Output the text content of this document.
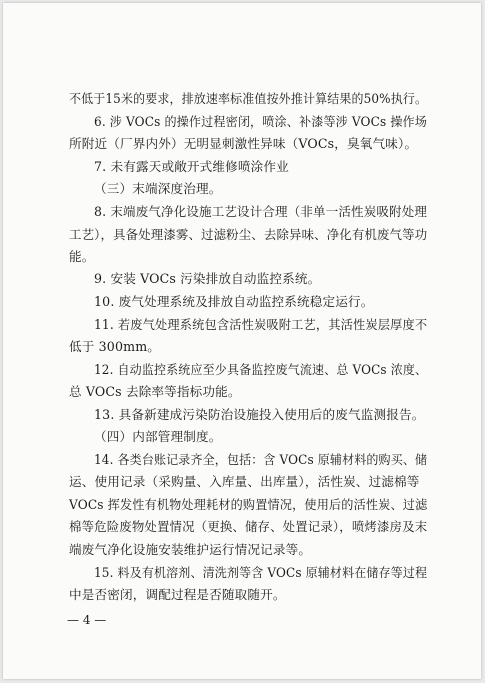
不低于15米的要求，排放速率标准值按外推计算结果的50%执行。
6. 涉 VOCs 的操作过程密闭，喷涂、补漆等涉 VOCs 操作场
所附近（厂界内外）无明显刺激性异味（VOCs，臭氧气味）。
7. 未有露天或敞开式维修喷涂作业
（三）末端深度治理。
8. 末端废气净化设施工艺设计合理（非单一活性炭吸附处理
工艺），具备处理漆雾、过滤粉尘、去除异味、净化有机废气等功
能。
9. 安装 VOCs 污染排放自动监控系统。
10. 废气处理系统及排放自动监控系统稳定运行。
11. 若废气处理系统包含活性炭吸附工艺，其活性炭层厚度不
低于 300mm。
12. 自动监控系统应至少具备监控废气流速、总 VOCs 浓度、
总 VOCs 去除率等指标功能。
13. 具备新建成污染防治设施投入使用后的废气监测报告。
（四）内部管理制度。
14. 各类台账记录齐全，包括：含 VOCs 原辅材料的购买、储
运、使用记录（采购量、入库量、出库量），活性炭、过滤棉等
VOCs 挥发性有机物处理耗材的购置情况，使用后的活性炭、过滤
棉等危险废物处置情况（更换、储存、处置记录），喷烤漆房及末
端废气净化设施安装维护运行情况记录等。
15. 料及有机溶剂、清洗剂等含 VOCs 原辅材料在储存等过程
中是否密闭，调配过程是否随取随开。
— 4 —
